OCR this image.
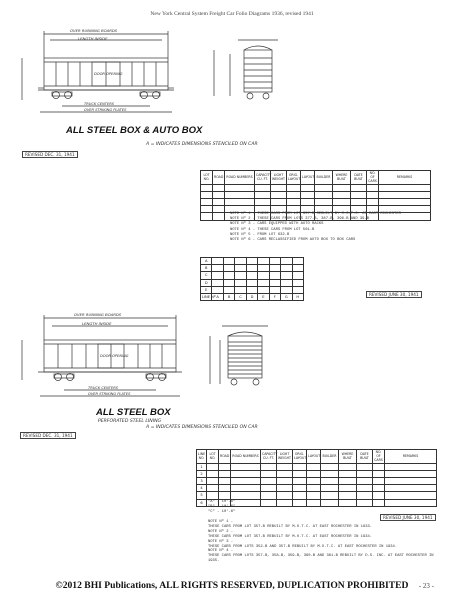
New York Central System Freight Car Folio Diagrams 1936, revised 1941
OVER RUNNING BOARDS
LENGTH INSIDE
DOOR OPENING
TRUCK CENTERS
OVER STRIKING PLATES
ALL STEEL BOX & AUTO BOX
A = INDICATES DIMENSIONS STENCILED ON CAR
REVISED DEC. 31, 1941
LOT NO.	ROAD	ROAD NUMBERS	CAPACITY CU. FT.	LIGHT WEIGHT	ORIG. LAYOUT	LAYOUT	BUILDER	WHERE BUILT	DATE BUILT	NO. OF CARS	REMARKS

NOTE Nº 1 - THESE CARS FROM LOT 357-B REBUILT BY M.O.T.C. AT EAST ROCHESTER
NOTE Nº 2 - THESE CARS FROM LOTS 377-B, 387-B, 396-B AND 39-B
NOTE Nº 3 - CARS EQUIPPED WITH AUTO RACKS
NOTE Nº 4 - THESE CARS FROM LOT 561-B
NOTE Nº 5 - FROM LOT 632-B
NOTE Nº 6 - CARS RECLASSIFIED FROM AUTO BOX TO BOX CARS
A								
B								
C								
D								
E								
LINE Nº	A	B	C	D	E	F	G	H
REVISED JUNE 30, 1941
OVER RUNNING BOARDS
LENGTH INSIDE
DOOR OPENING
TRUCK CENTERS
OVER STRIKING PLATES
ALL STEEL BOX
PERFORATED STEEL LINING
A = INDICATES DIMENSIONS STENCILED ON CAR
REVISED DEC. 31, 1941
LINE NO.	LOT NO.	ROAD	ROAD NUMBERS	CAPACITY CU. FT.	LIGHT WEIGHT	ORIG. LAYOUT	LAYOUT	BUILDER	WHERE BUILT	DATE BUILT	NO. OF CARS	REMARKS
1												
2												
3												
4												
5												
6												"A" - 10'-6"
"B" - 10'-6"
"C" - 10'-6"
NOTE Nº 1 -
THESE CARS FROM LOT 357-B REBUILT BY M.O.T.C. AT EAST ROCHESTER IN 1933.
NOTE Nº 2 -
THESE CARS FROM LOT 357-B REBUILT BY M.O.T.C. AT EAST ROCHESTER IN 1934.
NOTE Nº 3 -
THESE CARS FROM LOTS 352-B AND 357-B REBUILT BY M.O.T.C. AT EAST ROCHESTER IN 1934.
NOTE Nº 4 -
THESE CARS FROM LOTS 357-B, 358-B, 359-B, 360-B AND 361-B REBUILT BY D.S. INC. AT EAST ROCHESTER IN 1935.
REVISED JUNE 30, 1941
©2012 BHI Publications, ALL RIGHTS RESERVED, DUPLICATION PROHIBITED	- 23 -
